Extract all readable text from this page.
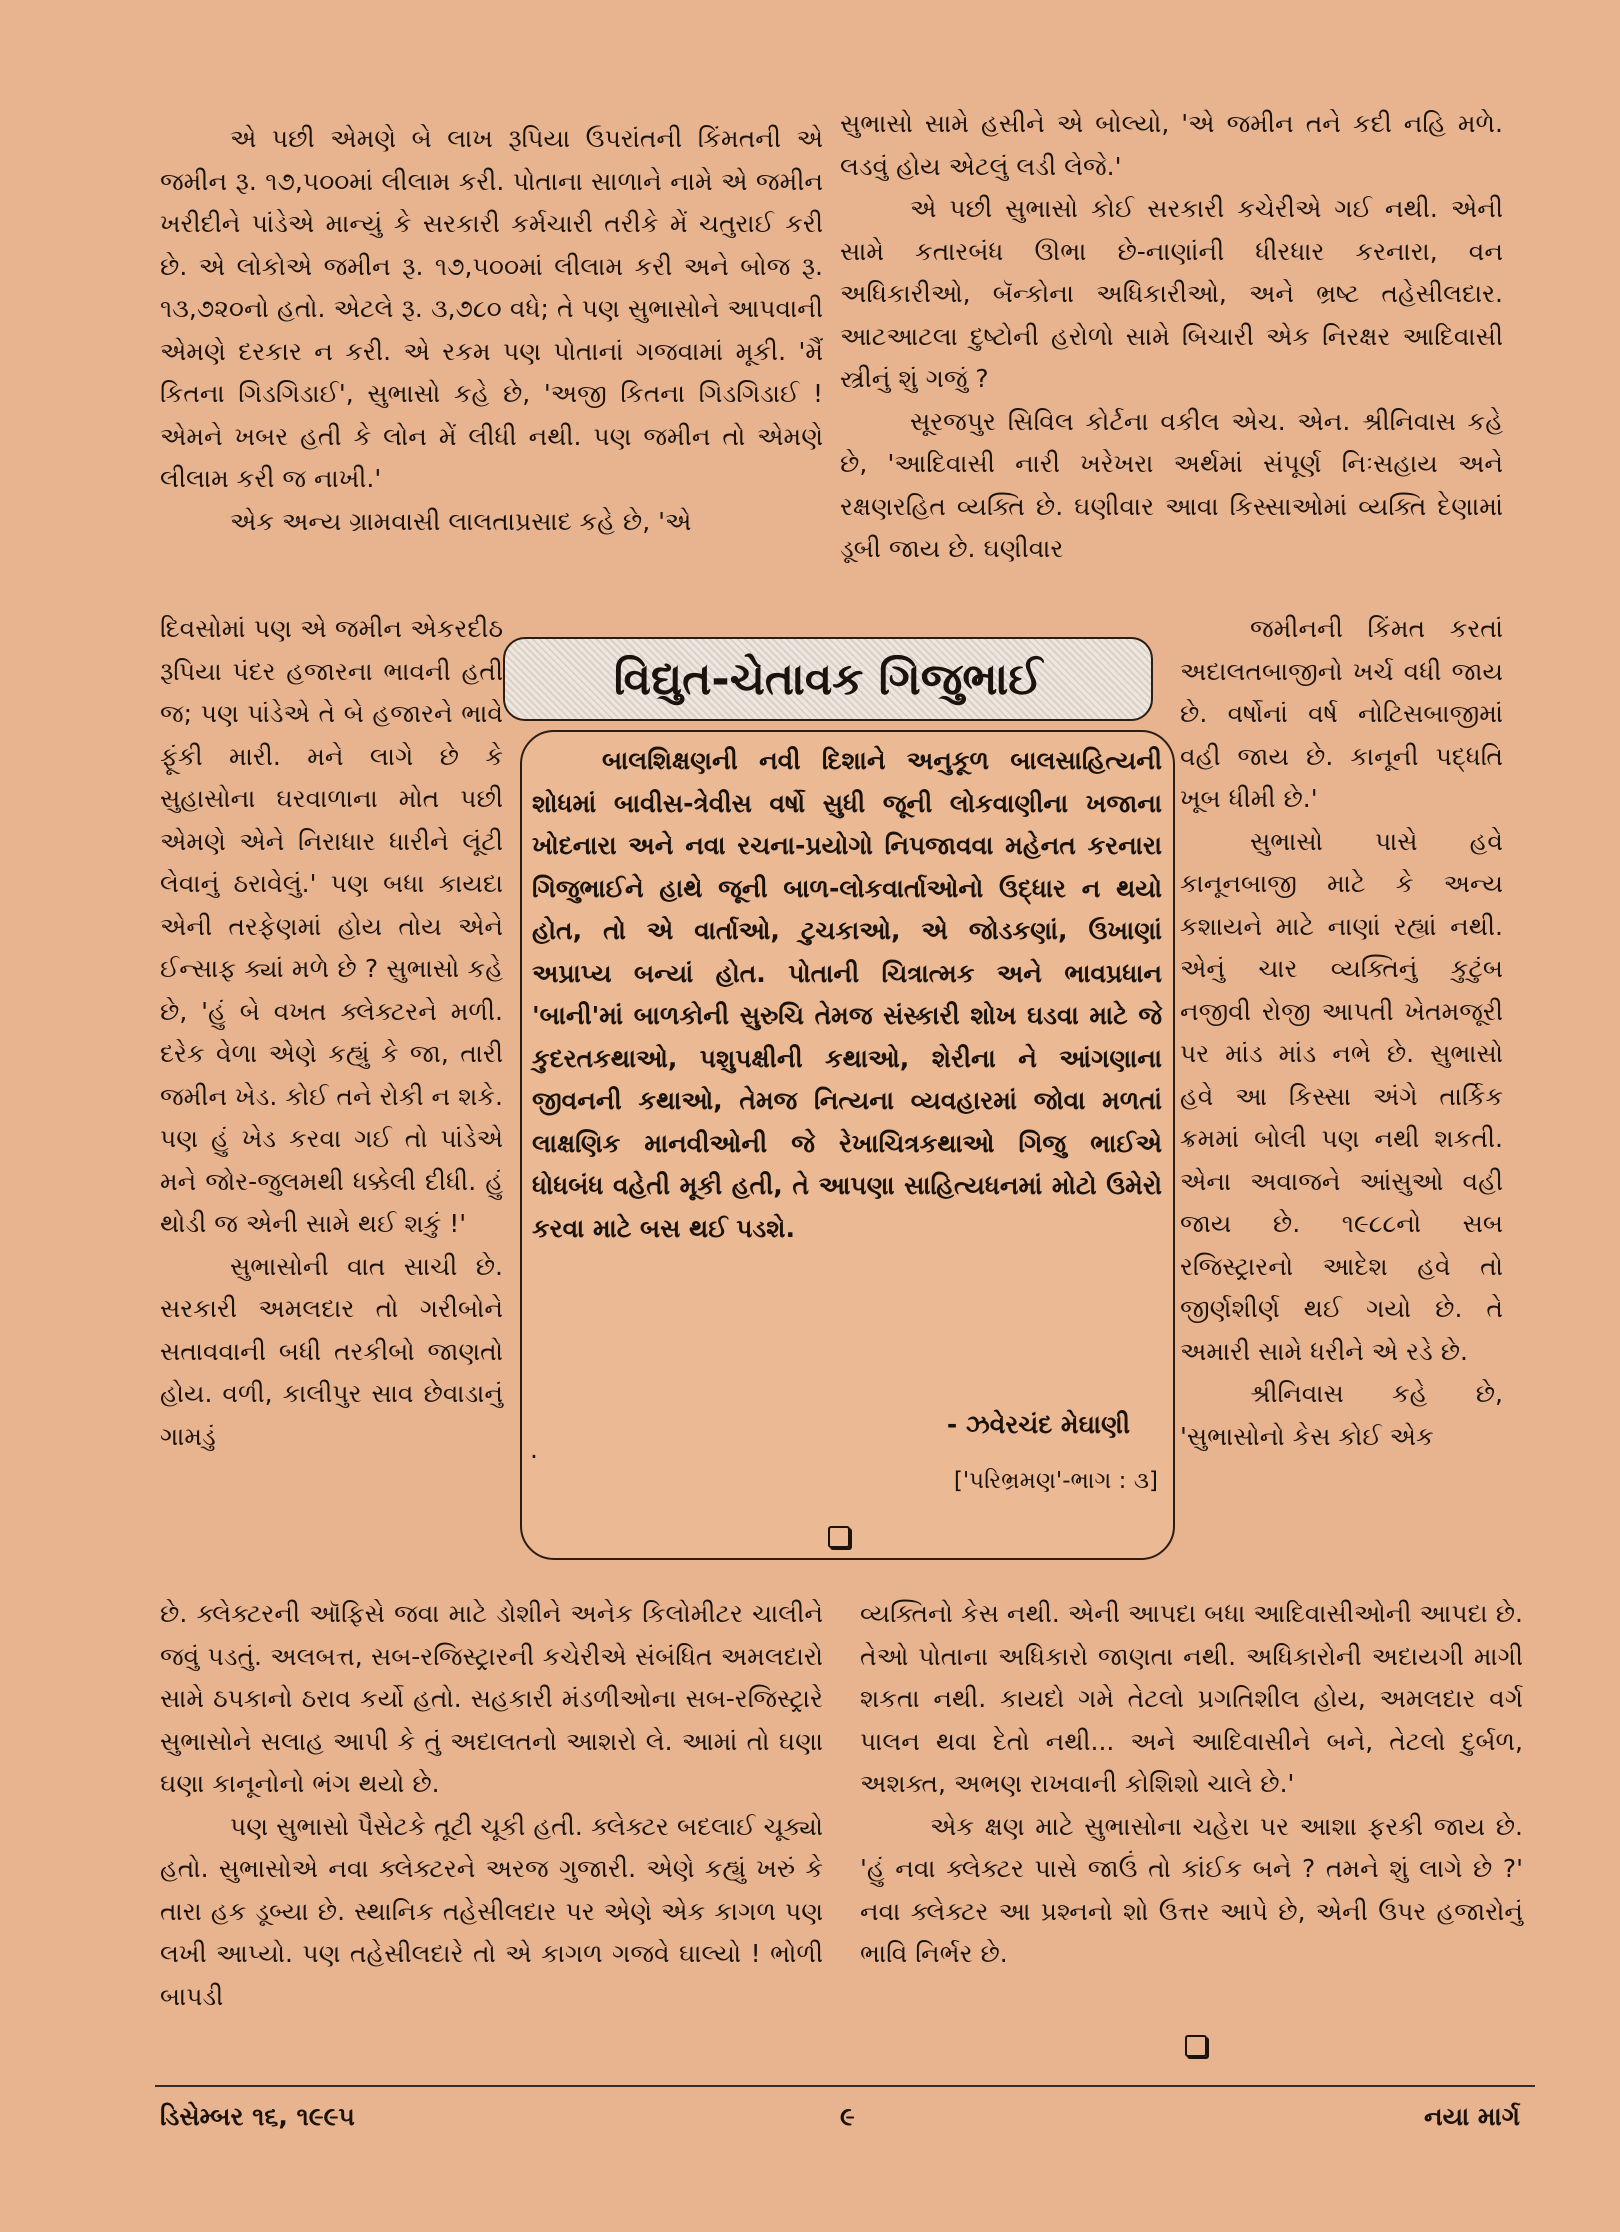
એ પછી એમણે બે લાખ રૂપિયા ઉપરાંતની કિંમતની એ જમીન રૂ. ૧૭,૫૦૦માં લીલામ કરી. પોતાના સાળાને નામે એ જમીન ખરીદીને પાંડેએ માન્યું કે સરકારી કર્મચારી તરીકે મેં ચતુરાઈ કરી છે. એ લોકોએ જમીન રૂ. ૧૭,૫૦૦માં લીલામ કરી અને બોજ રૂ. ૧૩,૭૨૦નો હતો. એટલે રૂ. ૩,૭૮૦ વધે; તે પણ સુભાસોને આપવાની એમણે દરકાર ન કરી. એ રકમ પણ પોતાનાં ગજવામાં મૂકી. 'મૈં કિતના ગિડગિડાઈ', સુભાસો કહે છે, 'અજી કિતના ગિડગિડાઈ ! એમને ખબર હતી કે લોન મેં લીધી નથી. પણ જમીન તો એમણે લીલામ કરી જ નાખી.'

એક અન્ય ગ્રામવાસી લાલતાપ્રસાદ કહે છે, 'એ

દિવસોમાં પણ એ જમીન એકરદીઠ રૂપિયા પંદર હજારના ભાવની હતી જ; પણ પાંડેએ તે બે હજારને ભાવે ફૂંકી મારી. મને લાગે છે કે સુહાસોના ઘરવાળાના મોત પછી એમણે એને નિરાધાર ધારીને લૂંટી લેવાનું ઠરાવેલું.' પણ બધા કાયદા એની તરફેણમાં હોય તોય એને ઈન્સાફ ક્યાં મળે છે ? સુભાસો કહે છે, 'હું બે વખત ક્લેક્ટરને મળી. દરેક વેળા એણે કહ્યું કે જા, તારી જમીન ખેડ. કોઈ તને રોકી ન શકે. પણ હું ખેડ કરવા ગઈ તો પાંડેએ મને જોર-જુલમથી ધક્કેલી દીધી. હું થોડી જ એની સામે થઈ શકું !'

સુભાસોની વાત સાચી છે. સરકારી અમલદાર તો ગરીબોને સતાવવાની બધી તરકીબો જાણતો હોય. વળી, કાલીપુર સાવ છેવાડાનું ગામડું

છે. ક્લેક્ટરની ઑફિસે જવા માટે ડોશીને અનેક કિલોમીટર ચાલીને જવું પડતું. અલબત્ત, સબ-રજિસ્ટ્રારની કચેરીએ સંબંધિત અમલદારો સામે ઠપકાનો ઠરાવ કર્યો હતો. સહકારી મંડળીઓના સબ-રજિસ્ટ્રારે સુભાસોને સલાહ આપી કે તું અદાલતનો આશરો લે. આમાં તો ઘણા ઘણા કાનૂનોનો ભંગ થયો છે.

પણ સુભાસો પૈસેટકે તૂટી ચૂકી હતી. ક્લેક્ટર બદલાઈ ચૂક્યો હતો. સુભાસોએ નવા ક્લેક્ટરને અરજ ગુજારી. એણે કહ્યું ખરું કે તારા હક ડૂબ્યા છે. સ્થાનિક તહેસીલદાર પર એણે એક કાગળ પણ લખી આપ્યો. પણ તહેસીલદારે તો એ કાગળ ગજવે ઘાલ્યો ! ભોળી બાપડી

સુભાસો સામે હસીને એ બોલ્યો, 'એ જમીન તને કદી નહિ મળે. લડવું હોય એટલું લડી લેજે.'

એ પછી સુભાસો કોઈ સરકારી કચેરીએ ગઈ નથી. એની સામે કતારબંધ ઊભા છે-નાણાંની ધીરધાર કરનારા, વન અધિકારીઓ, બૅન્કોના અધિકારીઓ, અને ભ્રષ્ટ તહેસીલદાર. આટઆટલા દુષ્ટોની હરોળો સામે બિચારી એક નિરક્ષર આદિવાસી સ્ત્રીનું શું ગજું ?

સૂરજપુર સિવિલ કોર્ટના વકીલ એચ. એન. શ્રીનિવાસ કહે છે, 'આદિવાસી નારી ખરેખરા અર્થમાં સંપૂર્ણ નિઃસહાય અને રક્ષણરહિત વ્યક્તિ છે. ઘણીવાર આવા કિસ્સાઓમાં વ્યક્તિ દેણામાં ડૂબી જાય છે. ઘણીવાર

જમીનની કિંમત કરતાં અદાલતબાજીનો ખર્ચ વધી જાય છે. વર્ષોનાં વર્ષ નોટિસબાજીમાં વહી જાય છે. કાનૂની પદ્ધતિ ખૂબ ધીમી છે.'

સુભાસો પાસે હવે કાનૂનબાજી માટે કે અન્ય કશાયને માટે નાણાં રહ્યાં નથી. એનું ચાર વ્યક્તિનું કુટુંબ નજીવી રોજી આપતી ખેતમજૂરી પર માંડ માંડ નભે છે. સુભાસો હવે આ કિસ્સા અંગે તાર્કિક ક્રમમાં બોલી પણ નથી શકતી. એના અવાજને આંસુઓ વહી જાય છે. ૧૯૮૮નો સબ રજિસ્ટ્રારનો આદેશ હવે તો જીર્ણશીર્ણ થઈ ગયો છે. તે અમારી સામે ધરીને એ રડે છે.

શ્રીનિવાસ કહે છે, 'સુભાસોનો કેસ કોઈ એક

વ્યક્તિનો કેસ નથી. એની આપદા બધા આદિવાસીઓની આપદા છે. તેઓ પોતાના અધિકારો જાણતા નથી. અધિકારોની અદાયગી માગી શકતા નથી. કાયદો ગમે તેટલો પ્રગતિશીલ હોય, અમલદાર વર્ગ પાલન થવા દેતો નથી... અને આદિવાસીને બને, તેટલો દુર્બળ, અશક્ત, અભણ રાખવાની કોશિશો ચાલે છે.'

એક ક્ષણ માટે સુભાસોના ચહેરા પર આશા ફરકી જાય છે. 'હું નવા ક્લેક્ટર પાસે જાઉં તો કાંઈક બને ? તમને શું લાગે છે ?' નવા ક્લેક્ટર આ પ્રશ્નનો શો ઉત્તર આપે છે, એની ઉપર હજારોનું ભાવિ નિર્ભર છે.

વિદ્યુત-ચેતાવક ગિજુભાઈ

બાલશિક્ષણની નવી દિશાને અનુકૂળ બાલસાહિત્યની શોધમાં બાવીસ-ત્રેવીસ વર્ષો સુધી જૂની લોકવાણીના ખજાના ખોદનારા અને નવા રચના-પ્રયોગો નિપજાવવા મહેનત કરનારા ગિજુભાઈને હાથે જૂની બાળ-લોકવાર્તાઓનો ઉદ્ધાર ન થયો હોત, તો એ વાર્તાઓ, ટુચકાઓ, એ જોડકણાં, ઉખાણાં અપ્રાપ્ય બન્યાં હોત. પોતાની ચિત્રાત્મક અને ભાવપ્રધાન 'બાની'માં બાળકોની સુરુચિ તેમજ સંસ્કારી શોખ ઘડવા માટે જે કુદરતકથાઓ, પશુપક્ષીની કથાઓ, શેરીના ને આંગણાના જીવનની કથાઓ, તેમજ નિત્યના વ્યવહારમાં જોવા મળતાં લાક્ષણિક માનવીઓની જે રેખાચિત્રકથાઓ ગિજુ ભાઈએ ધોધબંધ વહેતી મૂકી હતી, તે આપણા સાહિત્યધનમાં મોટો ઉમેરો કરવા માટે બસ થઈ પડશે.

.
- ઝવેરચંદ મેઘાણી
['પરિભ્રમણ'-ભાગ : ૩]
ડિસેમ્બર ૧૬, ૧૯૯૫	૯	નયા માર્ગ
